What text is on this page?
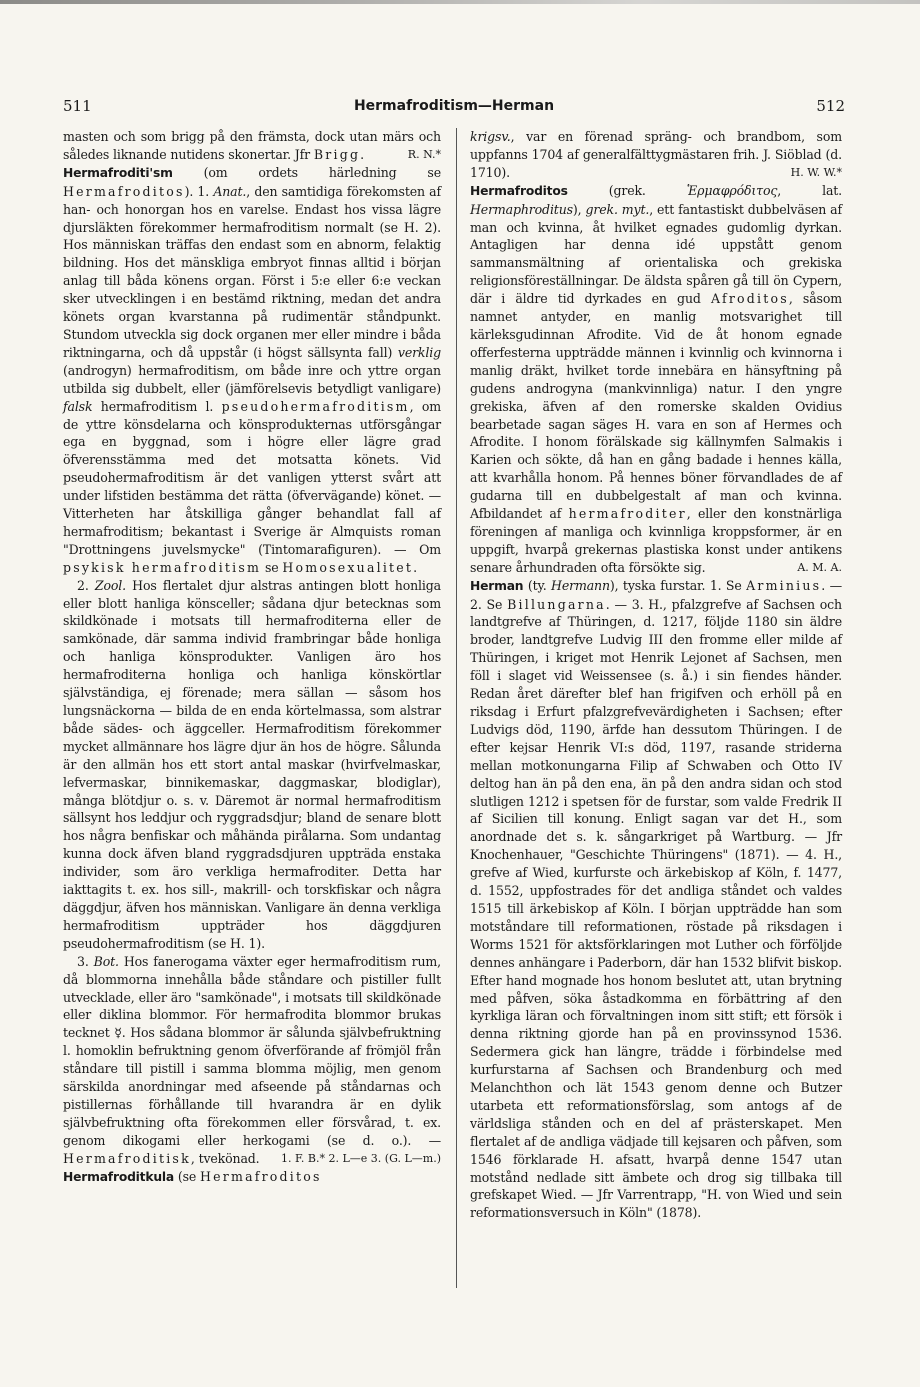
511	Hermafroditism—Herman	512

masten och som brigg på den främsta, dock utan märs och således liknande nutidens skonertar. Jfr Brigg.	R. N.*

Hermafroditi'sm (om ordets härledning se Hermafroditos). 1. Anat., den samtidiga förekomsten af han- och honorgan hos en varelse. Endast hos vissa lägre djursläkten förekommer hermafroditism normalt (se H. 2). Hos människan träffas den endast som en abnorm, felaktig bildning. Hos det mänskliga embryot finnas alltid i början anlag till båda könens organ. Först i 5:e eller 6:e veckan sker utvecklingen i en bestämd riktning, medan det andra könets organ kvarstanna på rudimentär ståndpunkt. Stundom utveckla sig dock organen mer eller mindre i båda riktningarna, och då uppstår (i högst sällsynta fall) verklig (androgyn) hermafroditism, om både inre och yttre organ utbilda sig dubbelt, eller (jämförelsevis betydligt vanligare) falsk hermafroditism l. pseudohermafroditism, om de yttre könsdelarna och könsprodukternas utförsgångar ega en byggnad, som i högre eller lägre grad öfverensstämma med det motsatta könets. Vid pseudohermafroditism är det vanligen ytterst svårt att under lifstiden bestämma det rätta (öfvervägande) könet. — Vitterheten har åtskilliga gånger behandlat fall af hermafroditism; bekantast i Sverige är Almquists roman "Drottningens juvelsmycke" (Tintomarafiguren). — Om psykisk hermafroditism se Homosexualitet.

2. Zool. Hos flertalet djur alstras antingen blott honliga eller blott hanliga könsceller; sådana djur betecknas som skildkönade i motsats till hermafroditerna eller de samkönade, där samma individ frambringar både honliga och hanliga könsprodukter. Vanligen äro hos hermafroditerna honliga och hanliga könskörtlar självständiga, ej förenade; mera sällan — såsom hos lungsnäckorna — bilda de en enda körtelmassa, som alstrar både sädes- och äggceller. Hermafroditism förekommer mycket allmännare hos lägre djur än hos de högre. Sålunda är den allmän hos ett stort antal maskar (hvirfvelmaskar, lefvermaskar, binnikemaskar, daggmaskar, blodiglar), många blötdjur o. s. v. Däremot är normal hermafroditism sällsynt hos leddjur och ryggradsdjur; bland de senare blott hos några benfiskar och måhända pirålarna. Som undantag kunna dock äfven bland ryggradsdjuren uppträda enstaka individer, som äro verkliga hermafroditer. Detta har iakttagits t. ex. hos sill-, makrill- och torskfiskar och några däggdjur, äfven hos människan. Vanligare än denna verkliga hermafroditism uppträder hos däggdjuren pseudohermafroditism (se H. 1).

3. Bot. Hos fanerogama växter eger hermafroditism rum, då blommorna innehålla både ståndare och pistiller fullt utvecklade, eller äro "samkönade", i motsats till skildkönade eller diklina blommor. För hermafrodita blommor brukas tecknet ☿. Hos sådana blommor är sålunda självbefruktning l. homoklin befruktning genom öfverförande af frömjöl från ståndare till pistill i samma blomma möjlig, men genom särskilda anordningar med afseende på ståndarnas och pistillernas förhållande till hvarandra är en dylik självbefruktning ofta förekommen eller försvårad, t. ex. genom dikogami eller herkogami (se d. o.). — Hermafroditisk, tvekönad.	1. F. B.* 2. L—e 3. (G. L—m.)

Hermafroditkula (se Hermafroditos

krigsv., var en förenad spräng- och brandbom, som uppfanns 1704 af generalfälttygmästaren frih. J. Siöblad (d. 1710).	H. W. W.*

Hermafroditos (grek. Ἑρμαφρόδιτος, lat. Hermaphroditus), grek. myt., ett fantastiskt dubbelväsen af man och kvinna, åt hvilket egnades gudomlig dyrkan. Antagligen har denna idé uppstått genom sammansmältning af orientaliska och grekiska religionsföreställningar. De äldsta spåren gå till ön Cypern, där i äldre tid dyrkades en gud Afroditos, såsom namnet antyder, en manlig motsvarighet till kärleksgudinnan Afrodite. Vid de åt honom egnade offerfesterna uppträdde männen i kvinnlig och kvinnorna i manlig dräkt, hvilket torde innebära en hänsyftning på gudens androgyna (mankvinnliga) natur. I den yngre grekiska, äfven af den romerske skalden Ovidius bearbetade sagan säges H. vara en son af Hermes och Afrodite. I honom förälskade sig källnymfen Salmakis i Karien och sökte, då han en gång badade i hennes källa, att kvarhålla honom. På hennes böner förvandlades de af gudarna till en dubbelgestalt af man och kvinna. Afbildandet af hermafroditer, eller den konstnärliga föreningen af manliga och kvinnliga kroppsformer, är en uppgift, hvarpå grekernas plastiska konst under antikens senare århundraden ofta försökte sig.	A. M. A.

Herman (ty. Hermann), tyska furstar. 1. Se Arminius. — 2. Se Billungarna. — 3. H., pfalzgrefve af Sachsen och landtgrefve af Thüringen, d. 1217, följde 1180 sin äldre broder, landtgrefve Ludvig III den fromme eller milde af Thüringen, i kriget mot Henrik Lejonet af Sachsen, men föll i slaget vid Weissensee (s. å.) i sin fiendes händer. Redan året därefter blef han frigifven och erhöll på en riksdag i Erfurt pfalzgrefvevärdigheten i Sachsen; efter Ludvigs död, 1190, ärfde han dessutom Thüringen. I de efter kejsar Henrik VI:s död, 1197, rasande striderna mellan motkonungarna Filip af Schwaben och Otto IV deltog han än på den ena, än på den andra sidan och stod slutligen 1212 i spetsen för de furstar, som valde Fredrik II af Sicilien till konung. Enligt sagan var det H., som anordnade det s. k. sångarkriget på Wartburg. — Jfr Knochenhauer, "Geschichte Thüringens" (1871). — 4. H., grefve af Wied, kurfurste och ärkebiskop af Köln, f. 1477, d. 1552, uppfostrades för det andliga ståndet och valdes 1515 till ärkebiskop af Köln. I början uppträdde han som motståndare till reformationen, röstade på riksdagen i Worms 1521 för aktsförklaringen mot Luther och förföljde dennes anhängare i Paderborn, där han 1532 blifvit biskop. Efter hand mognade hos honom beslutet att, utan brytning med påfven, söka åstadkomma en förbättring af den kyrkliga läran och förvaltningen inom sitt stift; ett försök i denna riktning gjorde han på en provinssynod 1536. Sedermera gick han längre, trädde i förbindelse med kurfurstarna af Sachsen och Brandenburg och med Melanchthon och lät 1543 genom denne och Butzer utarbeta ett reformationsförslag, som antogs af de världsliga stånden och en del af prästerskapet. Men flertalet af de andliga vädjade till kejsaren och påfven, som 1546 förklarade H. afsatt, hvarpå denne 1547 utan motstånd nedlade sitt ämbete och drog sig tillbaka till grefskapet Wied. — Jfr Varrentrapp, "H. von Wied und sein reformationsversuch in Köln" (1878).
